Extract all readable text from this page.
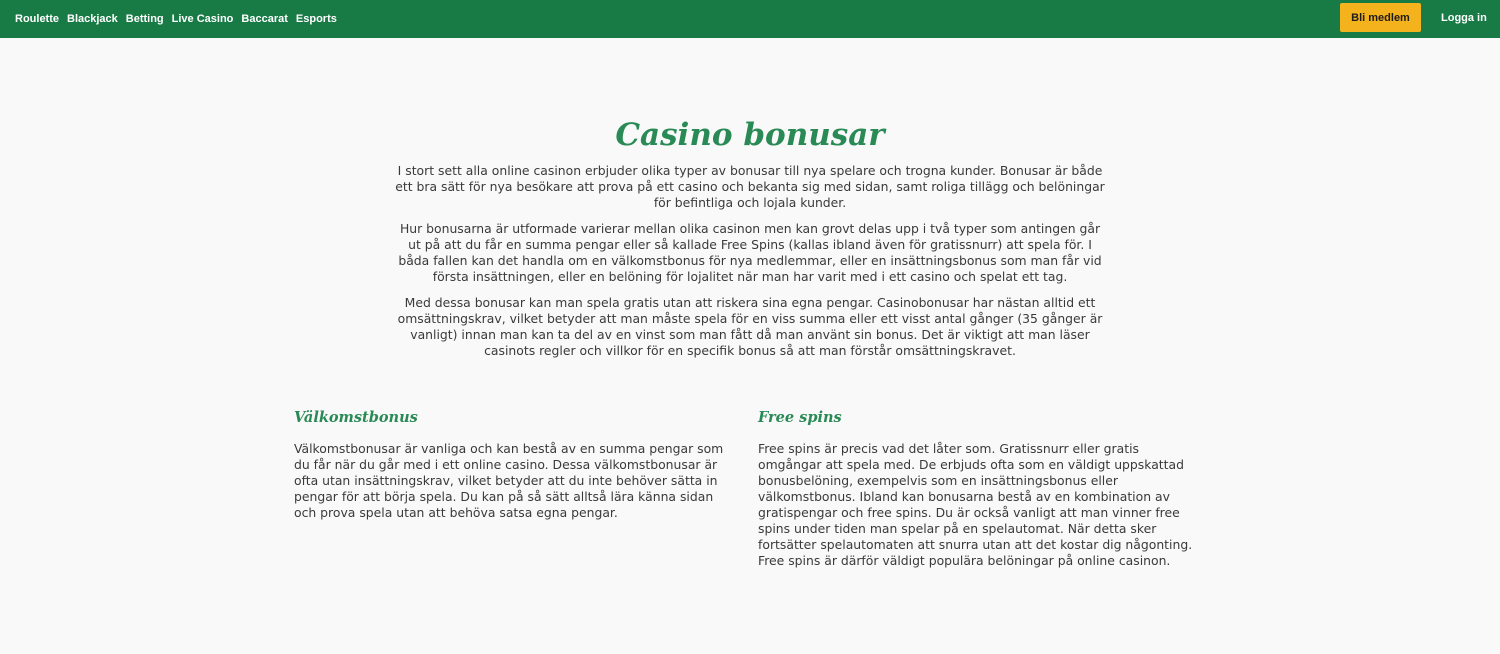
Roulette Blackjack Betting Live Casino Baccarat Esports	Bli medlem	Logga in
Casino bonusar

I stort sett alla online casinon erbjuder olika typer av bonusar till nya spelare och trogna kunder. Bonusar är både ett bra sätt för nya besökare att prova på ett casino och bekanta sig med sidan, samt roliga tillägg och belöningar för befintliga och lojala kunder.

Hur bonusarna är utformade varierar mellan olika casinon men kan grovt delas upp i två typer som antingen går ut på att du får en summa pengar eller så kallade Free Spins (kallas ibland även för gratissnurr) att spela för. I båda fallen kan det handla om en välkomstbonus för nya medlemmar, eller en insättningsbonus som man får vid första insättningen, eller en belöning för lojalitet när man har varit med i ett casino och spelat ett tag.

Med dessa bonusar kan man spela gratis utan att riskera sina egna pengar. Casinobonusar har nästan alltid ett omsättningskrav, vilket betyder att man måste spela för en viss summa eller ett visst antal gånger (35 gånger är vanligt) innan man kan ta del av en vinst som man fått då man använt sin bonus. Det är viktigt att man läser casinots regler och villkor för en specifik bonus så att man förstår omsättningskravet.

Välkomstbonus

Välkomstbonusar är vanliga och kan bestå av en summa pengar som du får när du går med i ett online casino. Dessa välkomstbonusar är ofta utan insättningskrav, vilket betyder att du inte behöver sätta in pengar för att börja spela. Du kan på så sätt alltså lära känna sidan och prova spela utan att behöva satsa egna pengar.

Free spins

Free spins är precis vad det låter som. Gratissnurr eller gratis omgångar att spela med. De erbjuds ofta som en väldigt uppskattad bonusbelöning, exempelvis som en insättningsbonus eller välkomstbonus. Ibland kan bonusarna bestå av en kombination av gratispengar och free spins. Du är också vanligt att man vinner free spins under tiden man spelar på en spelautomat. När detta sker fortsätter spelautomaten att snurra utan att det kostar dig någonting. Free spins är därför väldigt populära belöningar på online casinon.
